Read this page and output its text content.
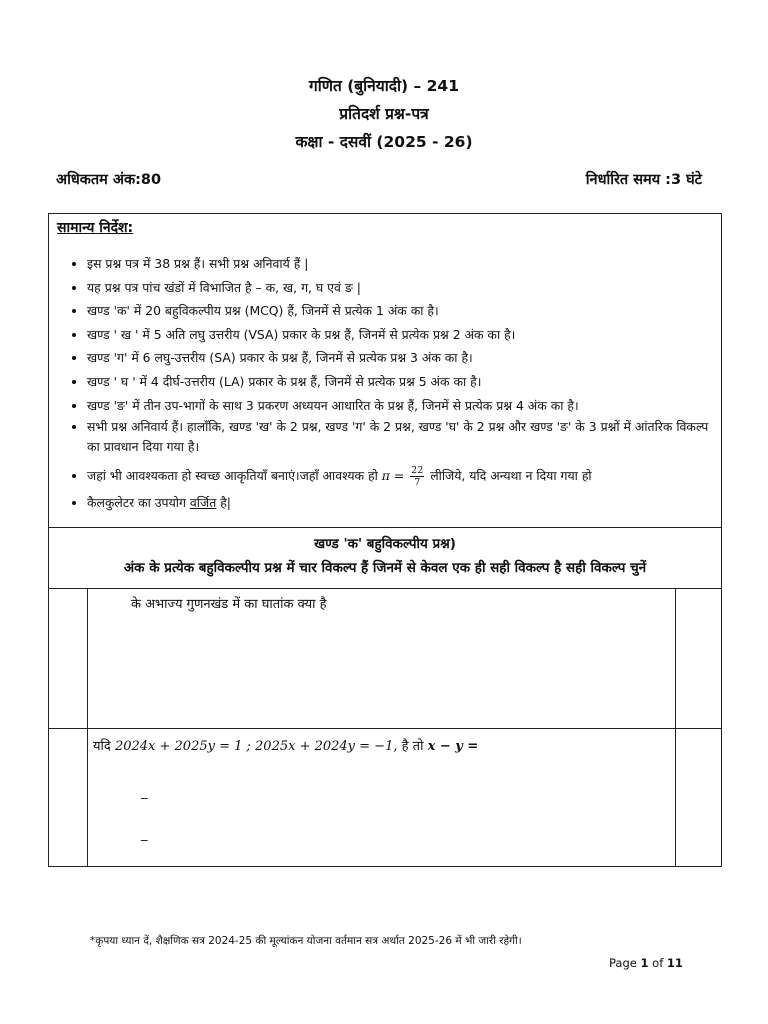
गणित (बुनियादी) – 241
प्रतिदर्श प्रश्न-पत्र
कक्षा - दसवीं (2025 - 26)
अधिकतम अंक:80	निर्धारित समय :3 घंटे
सामान्य निर्देश:
• इस प्रश्न पत्र में 38 प्रश्न हैं। सभी प्रश्न अनिवार्य हैं |
• यह प्रश्न पत्र पांच खंडों में विभाजित है – क, ख, ग, घ एवं ङ |
• खण्ड 'क' में 20 बहुविकल्पीय प्रश्न (MCQ) हैं, जिनमें से प्रत्येक 1 अंक का है।
• खण्ड ' ख ' में 5 अति लघु उत्तरीय (VSA) प्रकार के प्रश्न हैं, जिनमें से प्रत्येक प्रश्न 2 अंक का है।
• खण्ड 'ग' में 6 लघु-उत्तरीय (SA) प्रकार के प्रश्न हैं, जिनमें से प्रत्येक प्रश्न 3 अंक का है।
• खण्ड ' घ ' में 4 दीर्घ-उत्तरीय (LA) प्रकार के प्रश्न हैं, जिनमें से प्रत्येक प्रश्न 5 अंक का है।
• खण्ड 'ङ' में तीन उप-भागों के साथ 3 प्रकरण अध्ययन आधारित के प्रश्न हैं, जिनमें से प्रत्येक प्रश्न 4 अंक का है।
• सभी प्रश्न अनिवार्य हैं। हालाँकि, खण्ड 'ख' के 2 प्रश्न, खण्ड 'ग' के 2 प्रश्न, खण्ड 'घ' के 2 प्रश्न और खण्ड 'ङ' के 3 प्रश्नों में आंतरिक विकल्प का प्रावधान दिया गया है।
• जहां भी आवश्यकता हो स्वच्छ आकृतियाँ बनाएं।जहाँ आवश्यक हो $\pi = \frac{22}{7}$ लीजिये, यदि अन्यथा न दिया गया हो
• कैलकुलेटर का उपयोग वर्जित है|
खण्ड 'क' बहुविकल्पीय प्रश्न)
अंक के प्रत्येक बहुविकल्पीय प्रश्न में चार विकल्प हैं जिनमें से केवल एक ही सही विकल्प है सही विकल्प चुनें
के अभाज्य गुणनखंड में का घातांक क्या है
यदि 2024x + 2025y = 1 ; 2025x + 2024y = −1, है तो x − y =
_
_
*कृपया ध्यान दें, शैक्षणिक सत्र 2024-25 की मूल्यांकन योजना वर्तमान सत्र अर्थात 2025-26 में भी जारी रहेगी।
Page 1 of 11
